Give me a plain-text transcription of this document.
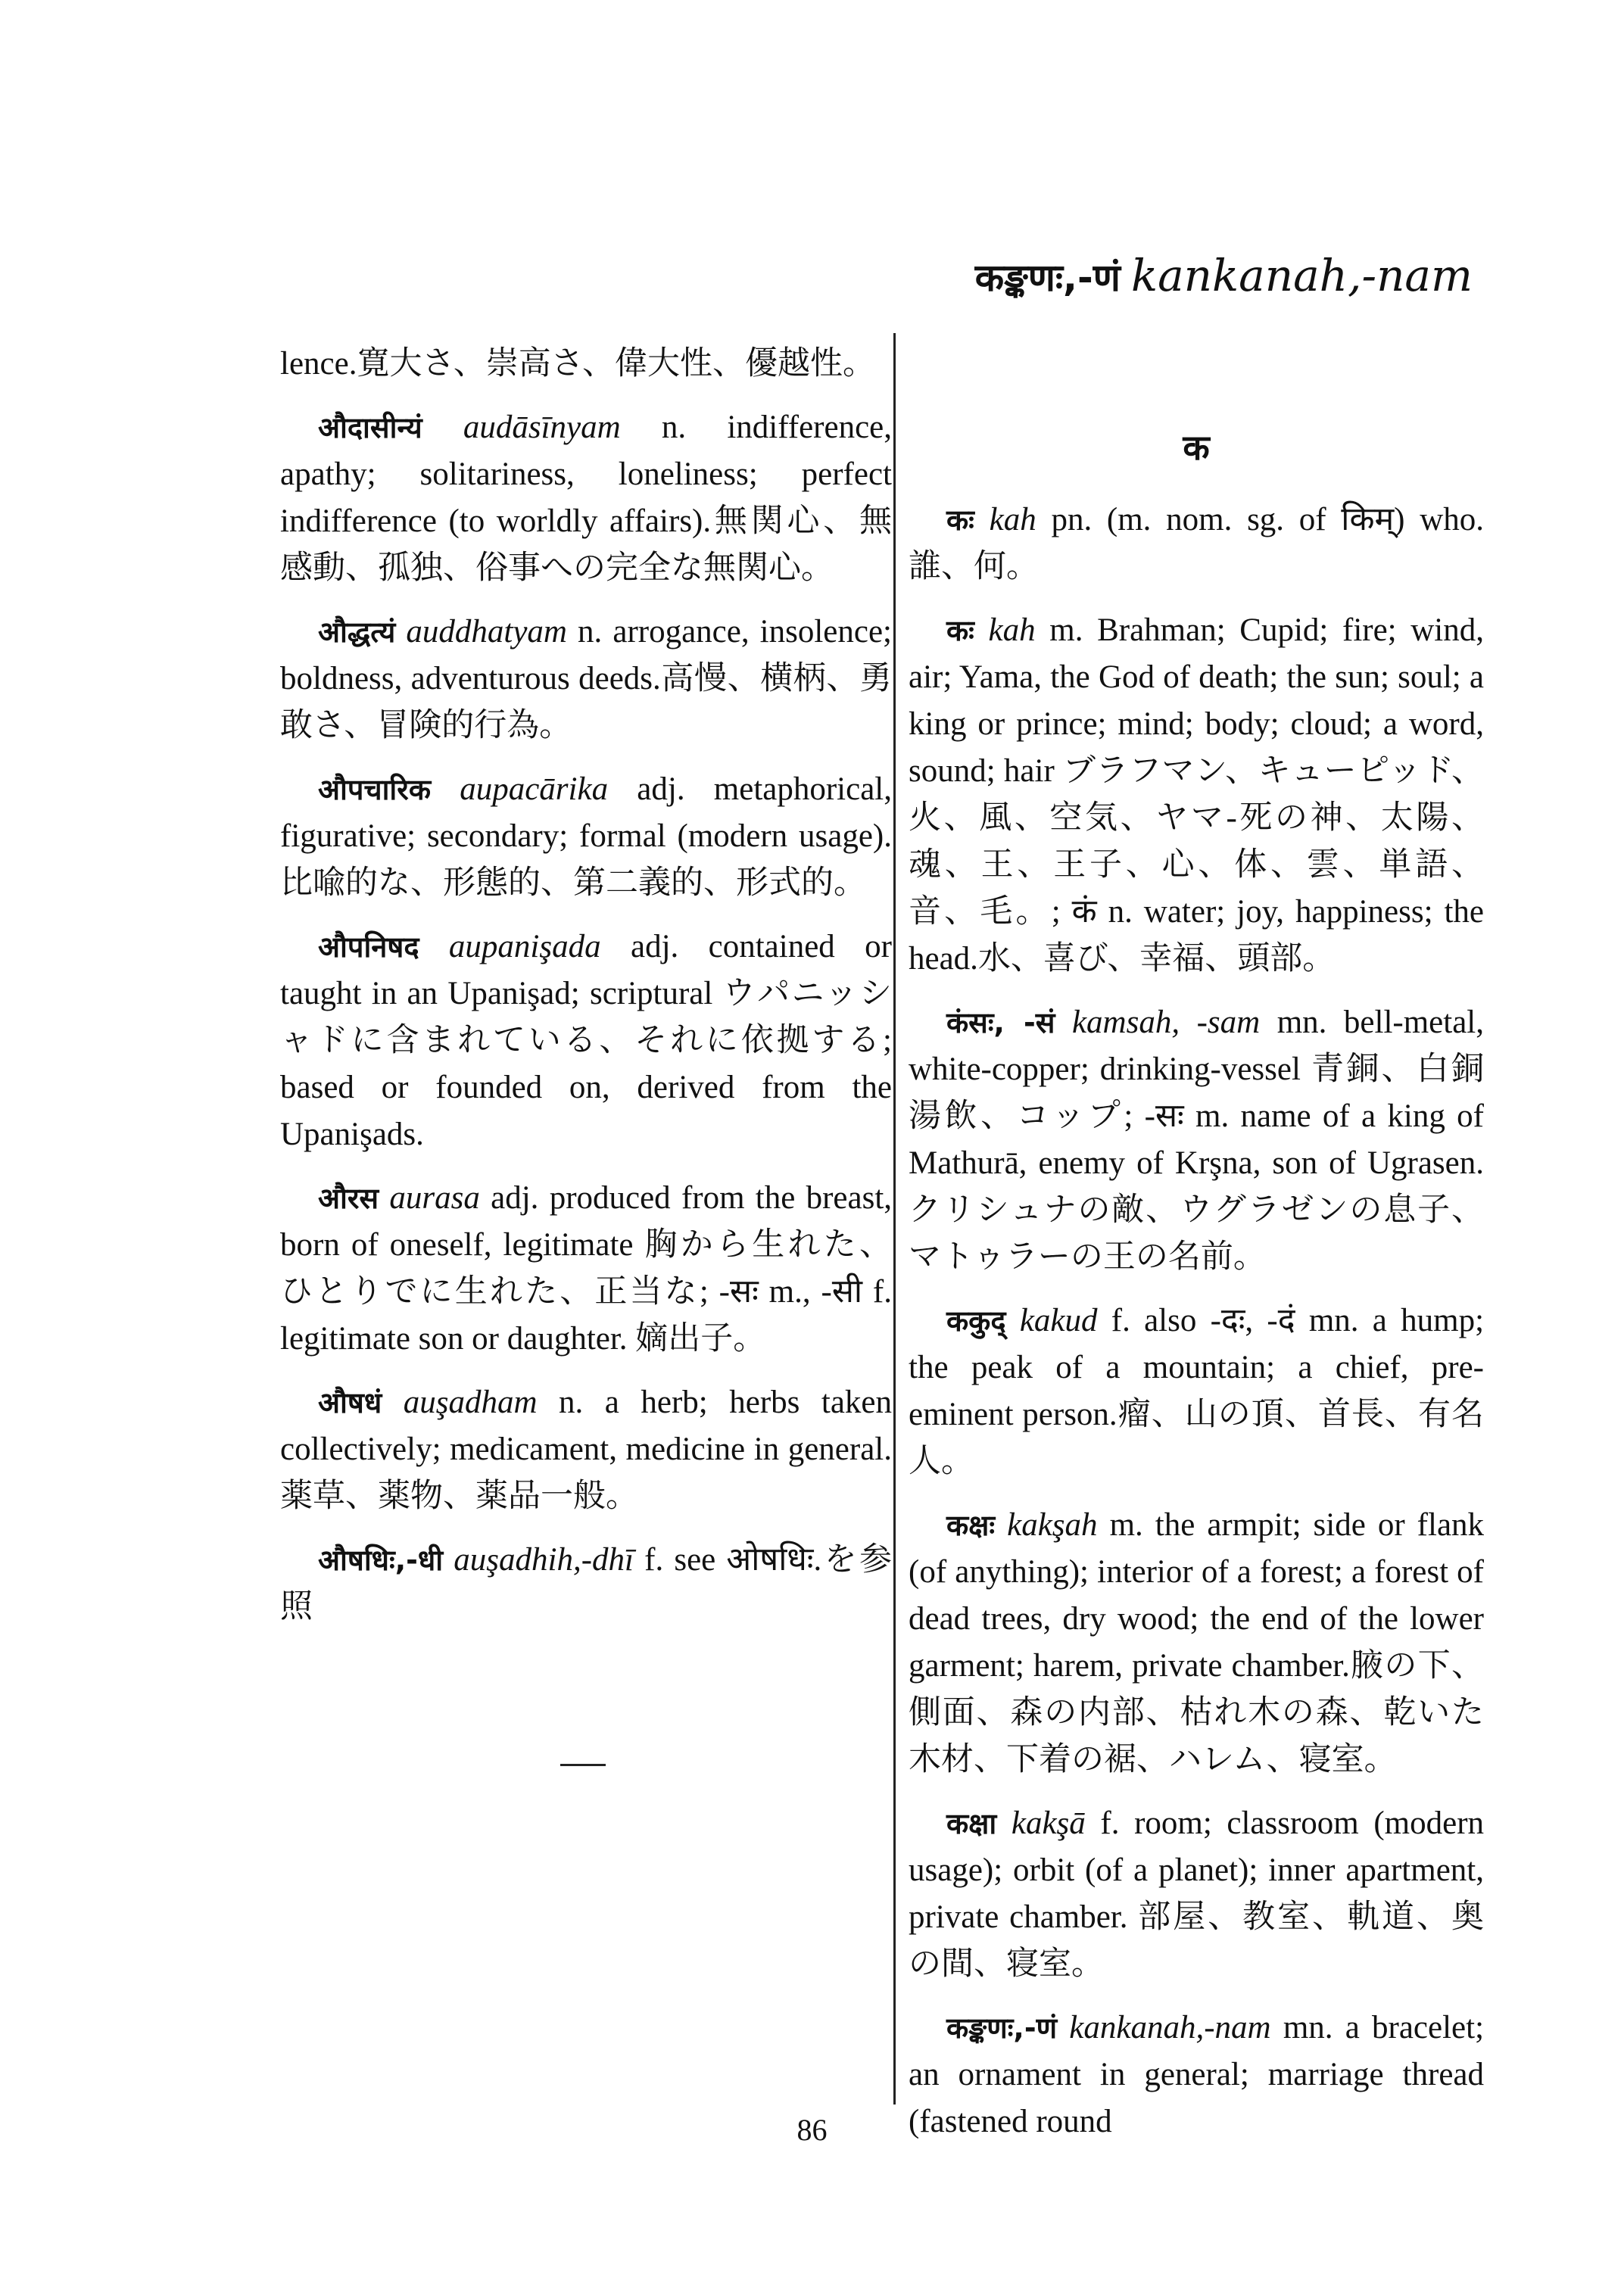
कङ्कणः,-णं kankanah,-nam

lence.寛大さ、崇高さ、偉大性、優越性。

औदासीन्यं audāsīnyam n. indifference, apathy; solitariness, loneliness; perfect indifference (to worldly affairs).無関心、無感動、孤独、俗事への完全な無関心。

औद्धत्यं auddhatyam n. arrogance, insolence; boldness, adventurous deeds.高慢、横柄、勇敢さ、冒険的行為。

औपचारिक aupacārika adj. metaphorical, figurative; secondary; formal (modern usage).比喩的な、形態的、第二義的、形式的。

औपनिषद aupanişada adj. contained or taught in an Upanişad; scriptural ウパニッシャドに含まれている、それに依拠する; based or founded on, derived from the Upanişads.

औरस aurasa adj. produced from the breast, born of oneself, legitimate 胸から生れた、ひとりでに生れた、正当な; -सः m., -सी f. legitimate son or daughter. 嫡出子。

औषधं auşadham n. a herb; herbs taken collectively; medicament, medicine in general.薬草、薬物、薬品一般。

औषधिः,-धी auşadhih,-dhī f. see ओषधिः.を参照

क

कः kah pn. (m. nom. sg. of किम्) who. 誰、何。

कः kah m. Brahman; Cupid; fire; wind, air; Yama, the God of death; the sun; soul; a king or prince; mind; body; cloud; a word, sound; hair ブラフマン、キューピッド、火、風、空気、ヤマ-死の神、太陽、魂、王、王子、心、体、雲、単語、音、毛。; कं n. water; joy, happiness; the head.水、喜び、幸福、頭部。

कंसः, -सं kamsah, -sam mn. bell-metal, white-copper; drinking-vessel 青銅、白銅湯飲、コップ; -सः m. name of a king of Mathurā, enemy of Krşna, son of Ugrasen. クリシュナの敵、ウグラゼンの息子、マトゥラーの王の名前。

ककुद् kakud f. also -दः, -दं mn. a hump; the peak of a mountain; a chief, pre-eminent person.瘤、山の頂、首長、有名人。

कक्षः kakşah m. the armpit; side or flank (of anything); interior of a forest; a forest of dead trees, dry wood; the end of the lower garment; harem, private chamber.腋の下、側面、森の内部、枯れ木の森、乾いた木材、下着の裾、ハレム、寝室。

कक्षा kakşā f. room; classroom (modern usage); orbit (of a planet); inner apartment, private chamber. 部屋、教室、軌道、奥の間、寝室。

कङ्कणः,-णं kankanah,-nam mn. a bracelet; an ornament in general; marriage thread (fastened round

86
